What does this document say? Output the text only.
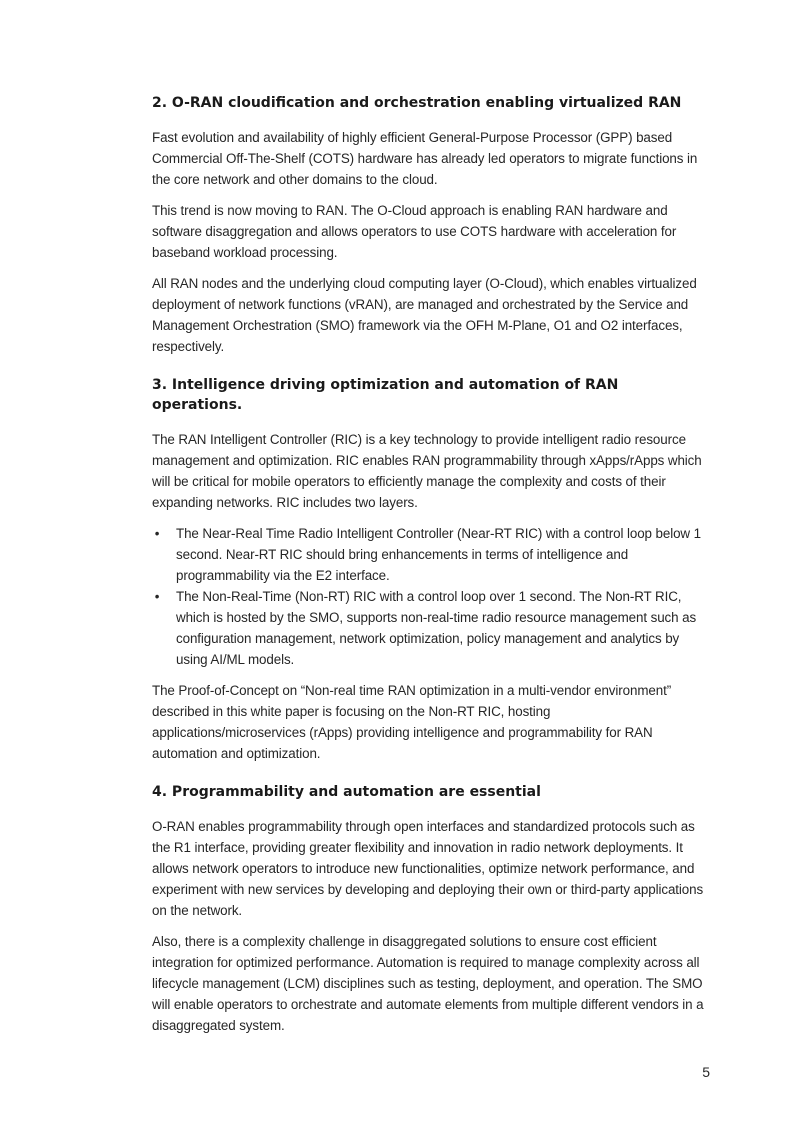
2. O-RAN cloudification and orchestration enabling virtualized RAN

Fast evolution and availability of highly efficient General-Purpose Processor (GPP) based Commercial Off-The-Shelf (COTS) hardware has already led operators to migrate functions in the core network and other domains to the cloud.

This trend is now moving to RAN. The O-Cloud approach is enabling RAN hardware and software disaggregation and allows operators to use COTS hardware with acceleration for baseband workload processing.

All RAN nodes and the underlying cloud computing layer (O-Cloud), which enables virtualized deployment of network functions (vRAN), are managed and orchestrated by the Service and Management Orchestration (SMO) framework via the OFH M-Plane, O1 and O2 interfaces, respectively.

3. Intelligence driving optimization and automation of RAN operations.

The RAN Intelligent Controller (RIC) is a key technology to provide intelligent radio resource management and optimization. RIC enables RAN programmability through xApps/rApps which will be critical for mobile operators to efficiently manage the complexity and costs of their expanding networks. RIC includes two layers.

• The Near-Real Time Radio Intelligent Controller (Near-RT RIC) with a control loop below 1 second. Near-RT RIC should bring enhancements in terms of intelligence and programmability via the E2 interface.
• The Non-Real-Time (Non-RT) RIC with a control loop over 1 second. The Non-RT RIC, which is hosted by the SMO, supports non-real-time radio resource management such as configuration management, network optimization, policy management and analytics by using AI/ML models.

The Proof-of-Concept on “Non-real time RAN optimization in a multi-vendor environment” described in this white paper is focusing on the Non-RT RIC, hosting applications/microservices (rApps) providing intelligence and programmability for RAN automation and optimization.

4. Programmability and automation are essential

O-RAN enables programmability through open interfaces and standardized protocols such as the R1 interface, providing greater flexibility and innovation in radio network deployments. It allows network operators to introduce new functionalities, optimize network performance, and experiment with new services by developing and deploying their own or third-party applications on the network.

Also, there is a complexity challenge in disaggregated solutions to ensure cost efficient integration for optimized performance. Automation is required to manage complexity across all lifecycle management (LCM) disciplines such as testing, deployment, and operation. The SMO will enable operators to orchestrate and automate elements from multiple different vendors in a disaggregated system.

5
